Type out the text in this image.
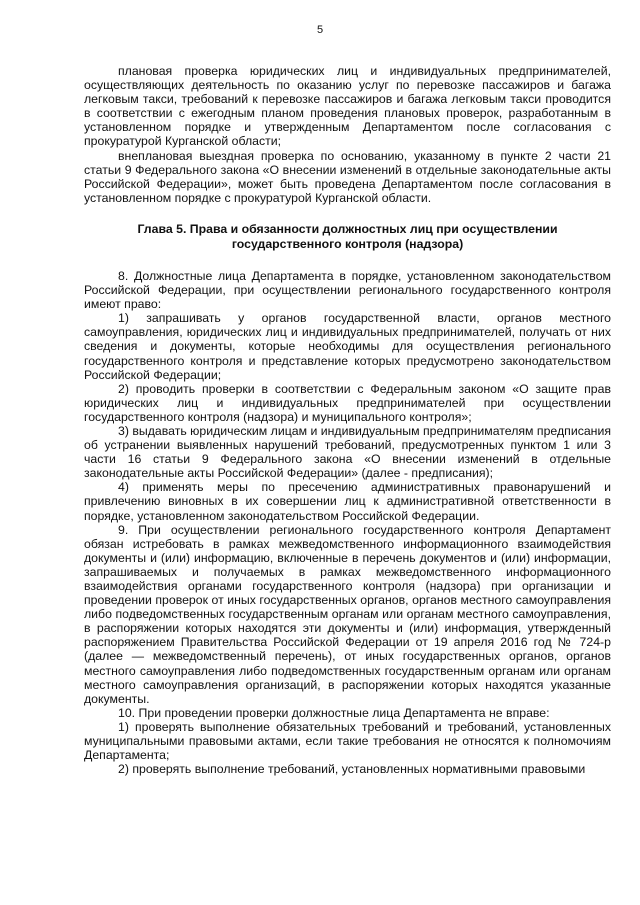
5

плановая проверка юридических лиц и индивидуальных предпринимателей, осуществляющих деятельность по оказанию услуг по перевозке пассажиров и багажа легковым такси, требований к перевозке пассажиров и багажа легковым такси проводится в соответствии с ежегодным планом проведения плановых проверок, разработанным в установленном порядке и утвержденным Департаментом после согласования с прокуратурой Курганской области;

внеплановая выездная проверка по основанию, указанному в пункте 2 части 21 статьи 9 Федерального закона «О внесении изменений в отдельные законодательные акты Российской Федерации», может быть проведена Департаментом после согласования в установленном порядке с прокуратурой Курганской области.

Глава 5. Права и обязанности должностных лиц при осуществлении государственного контроля (надзора)

8. Должностные лица Департамента в порядке, установленном законодательством Российской Федерации, при осуществлении регионального государственного контроля имеют право:

1) запрашивать у органов государственной власти, органов местного самоуправления, юридических лиц и индивидуальных предпринимателей, получать от них сведения и документы, которые необходимы для осуществления регионального государственного контроля и представление которых предусмотрено законодательством Российской Федерации;

2) проводить проверки в соответствии с Федеральным законом «О защите прав юридических лиц и индивидуальных предпринимателей при осуществлении государственного контроля (надзора) и муниципального контроля»;

3) выдавать юридическим лицам и индивидуальным предпринимателям предписания об устранении выявленных нарушений требований, предусмотренных пунктом 1 или 3 части 16 статьи 9 Федерального закона «О внесении изменений в отдельные законодательные акты Российской Федерации» (далее - предписания);

4) применять меры по пресечению административных правонарушений и привлечению виновных в их совершении лиц к административной ответственности в порядке, установленном законодательством Российской Федерации.

9. При осуществлении регионального государственного контроля Департамент обязан истребовать в рамках межведомственного информационного взаимодействия документы и (или) информацию, включенные в перечень документов и (или) информации, запрашиваемых и получаемых в рамках межведомственного информационного взаимодействия органами государственного контроля (надзора) при организации и проведении проверок от иных государственных органов, органов местного самоуправления либо подведомственных государственным органам или органам местного самоуправления, в распоряжении которых находятся эти документы и (или) информация, утвержденный распоряжением Правительства Российской Федерации от 19 апреля 2016 год № 724-р (далее — межведомственный перечень), от иных государственных органов, органов местного самоуправления либо подведомственных государственным органам или органам местного самоуправления организаций, в распоряжении которых находятся указанные документы.

10. При проведении проверки должностные лица Департамента не вправе:

1) проверять выполнение обязательных требований и требований, установленных муниципальными правовыми актами, если такие требования не относятся к полномочиям Департамента;

2) проверять выполнение требований, установленных нормативными правовыми
